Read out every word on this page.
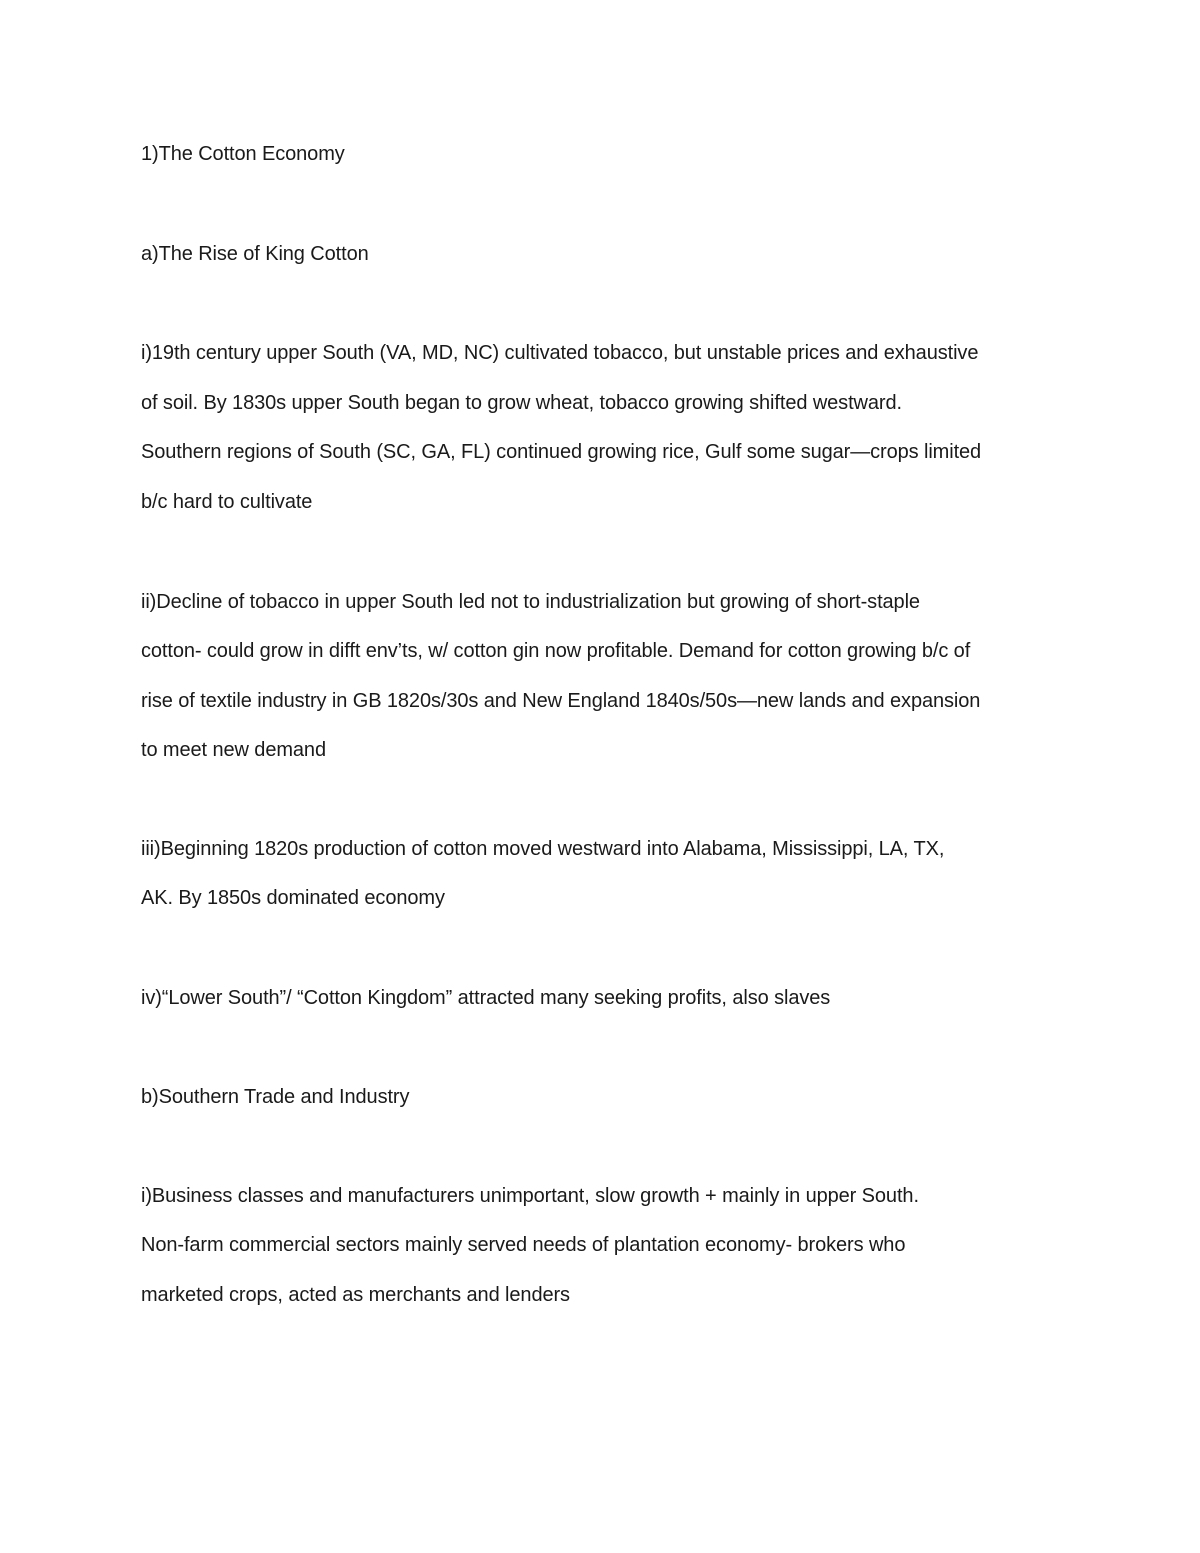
1)The Cotton Economy
a)The Rise of King Cotton
i)19th century upper South (VA, MD, NC) cultivated tobacco, but unstable prices and exhaustive
of soil. By 1830s upper South began to grow wheat, tobacco growing shifted westward.
Southern regions of South (SC, GA, FL) continued growing rice, Gulf some sugar—crops limited
b/c hard to cultivate
ii)Decline of tobacco in upper South led not to industrialization but growing of short-staple
cotton- could grow in difft env’ts, w/ cotton gin now profitable. Demand for cotton growing b/c of
rise of textile industry in GB 1820s/30s and New England 1840s/50s—new lands and expansion
to meet new demand
iii)Beginning 1820s production of cotton moved westward into Alabama, Mississippi, LA, TX,
AK. By 1850s dominated economy
iv)“Lower South”/ “Cotton Kingdom” attracted many seeking profits, also slaves
b)Southern Trade and Industry
i)Business classes and manufacturers unimportant, slow growth + mainly in upper South.
Non-farm commercial sectors mainly served needs of plantation economy- brokers who
marketed crops, acted as merchants and lenders
